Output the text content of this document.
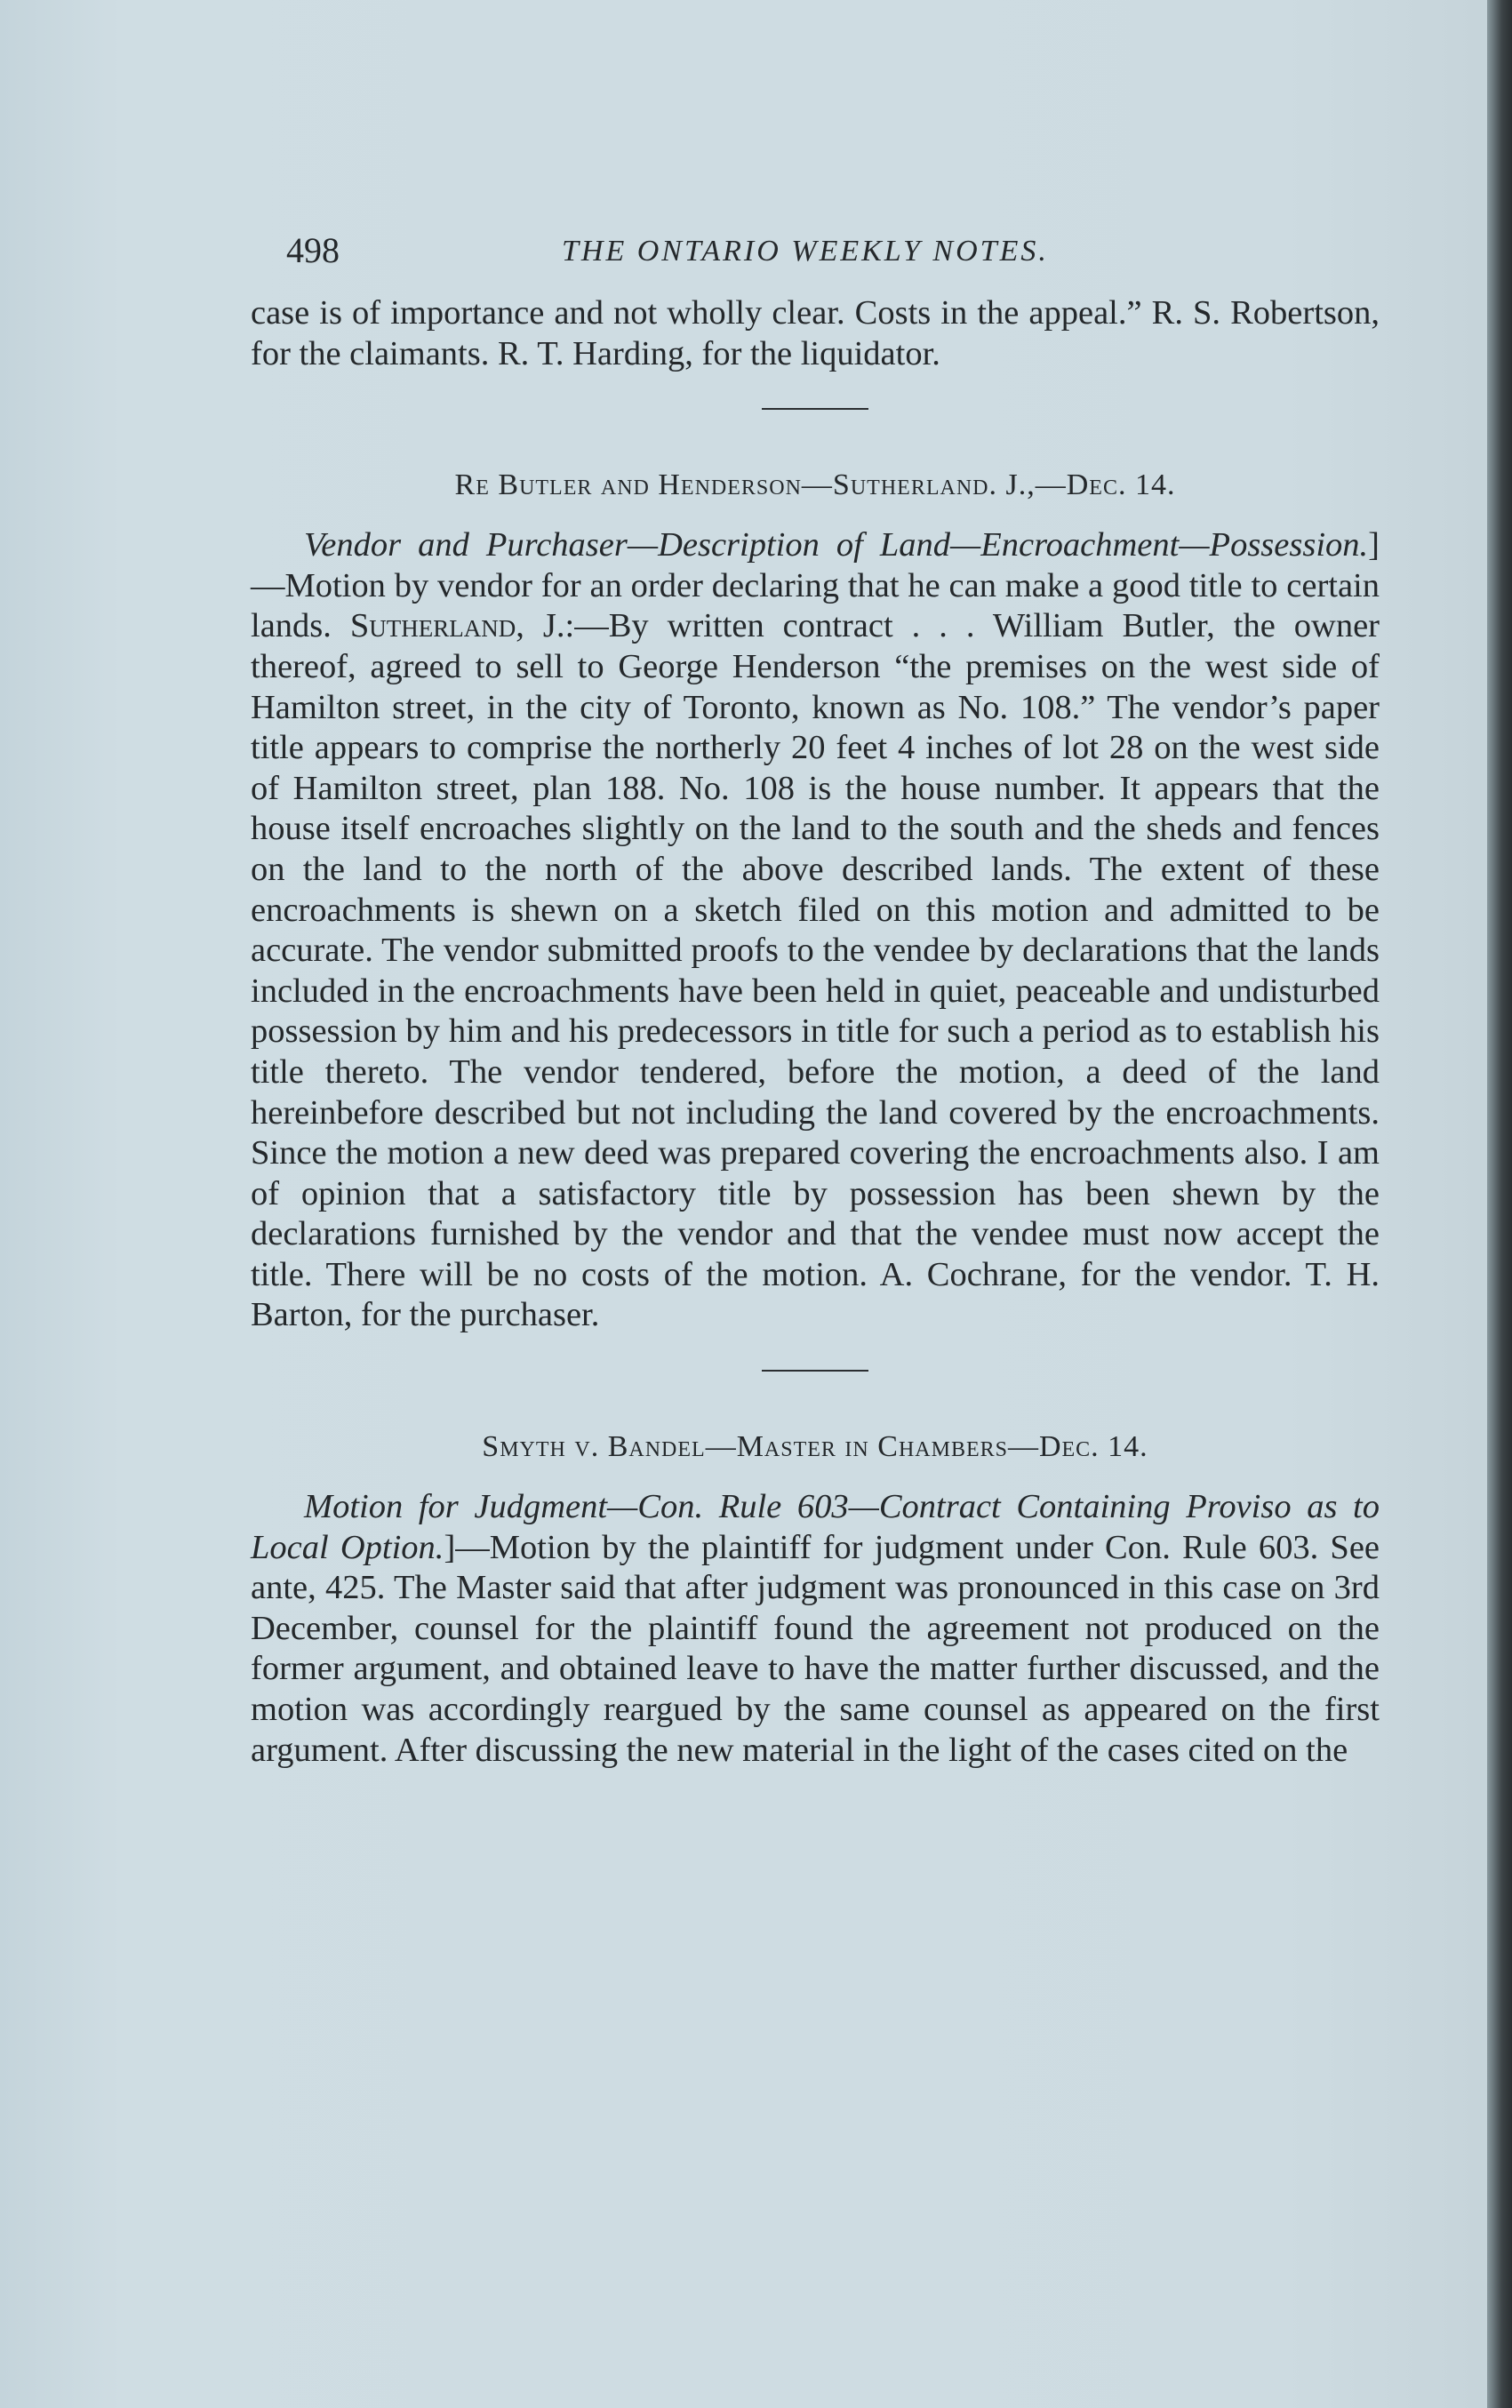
498	THE ONTARIO WEEKLY NOTES.

case is of importance and not wholly clear. Costs in the appeal.” R. S. Robertson, for the claimants. R. T. Harding, for the liquidator.

Re Butler and Henderson—Sutherland. J.,—Dec. 14.

Vendor and Purchaser—Description of Land—Encroachment—Possession.]—Motion by vendor for an order declaring that he can make a good title to certain lands. Sutherland, J.:—By written contract . . . William Butler, the owner thereof, agreed to sell to George Henderson “the premises on the west side of Hamilton street, in the city of Toronto, known as No. 108.” The vendor’s paper title appears to comprise the northerly 20 feet 4 inches of lot 28 on the west side of Hamilton street, plan 188. No. 108 is the house number. It appears that the house itself encroaches slightly on the land to the south and the sheds and fences on the land to the north of the above described lands. The extent of these encroachments is shewn on a sketch filed on this motion and admitted to be accurate. The vendor submitted proofs to the vendee by declarations that the lands included in the encroachments have been held in quiet, peaceable and undisturbed possession by him and his predecessors in title for such a period as to establish his title thereto. The vendor tendered, before the motion, a deed of the land hereinbefore described but not including the land covered by the encroachments. Since the motion a new deed was prepared covering the encroachments also. I am of opinion that a satisfactory title by possession has been shewn by the declarations furnished by the vendor and that the vendee must now accept the title. There will be no costs of the motion. A. Cochrane, for the vendor. T. H. Barton, for the purchaser.

Smyth v. Bandel—Master in Chambers—Dec. 14.

Motion for Judgment—Con. Rule 603—Contract Containing Proviso as to Local Option.]—Motion by the plaintiff for judgment under Con. Rule 603. See ante, 425. The Master said that after judgment was pronounced in this case on 3rd December, counsel for the plaintiff found the agreement not produced on the former argument, and obtained leave to have the matter further discussed, and the motion was accordingly reargued by the same counsel as appeared on the first argument. After discussing the new material in the light of the cases cited on the
